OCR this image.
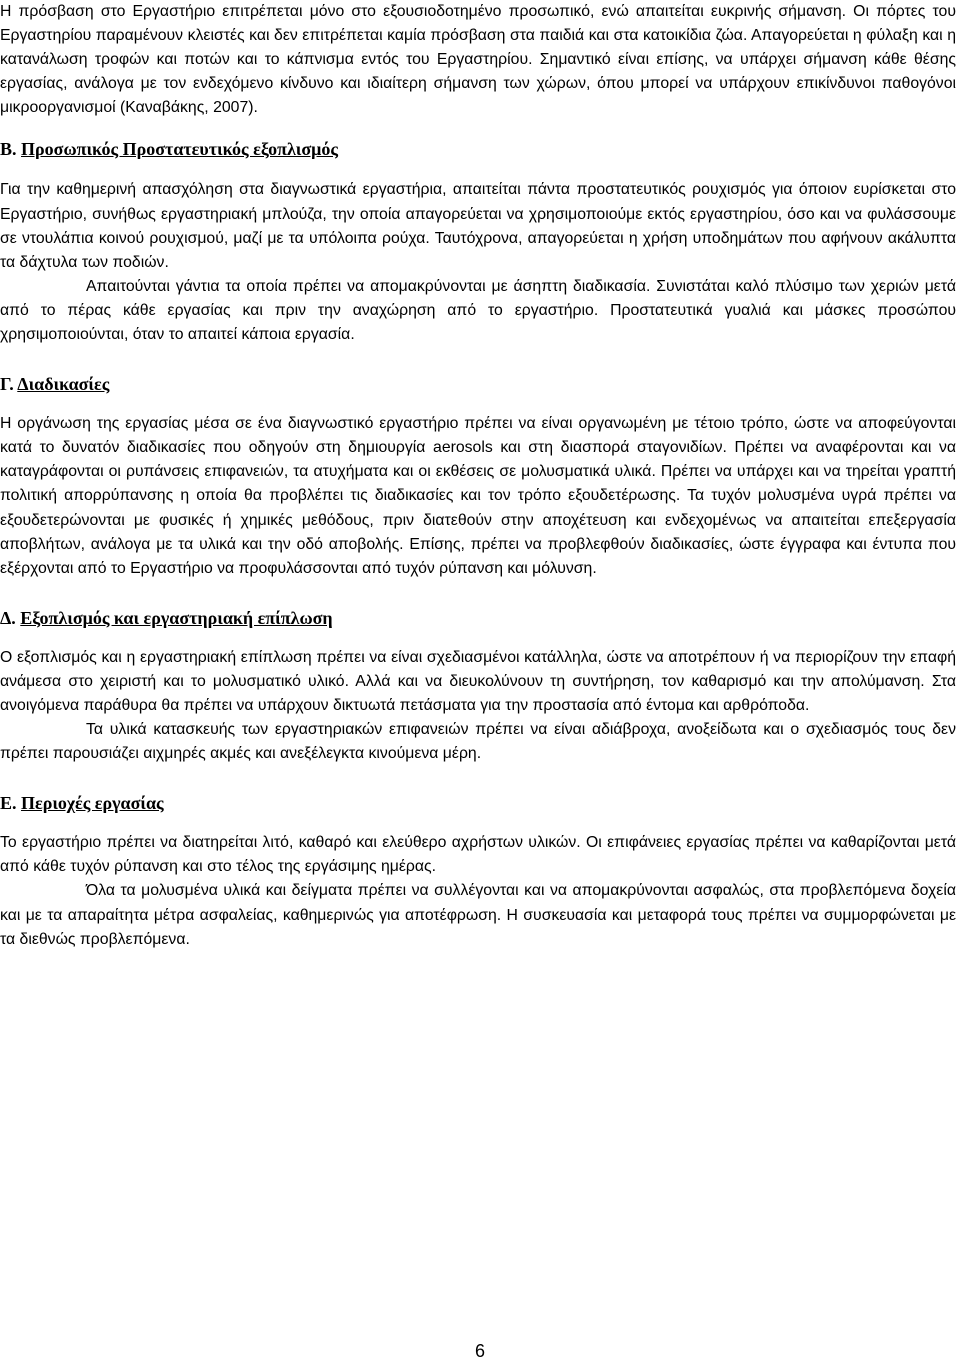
Η πρόσβαση στο Εργαστήριο επιτρέπεται μόνο στο εξουσιοδοτημένο προσωπικό, ενώ απαιτείται ευκρινής σήμανση. Οι πόρτες του Εργαστηρίου παραμένουν κλειστές και δεν επιτρέπεται καμία πρόσβαση στα παιδιά και στα κατοικίδια ζώα. Απαγορεύεται η φύλαξη και η κατανάλωση τροφών και ποτών και το κάπνισμα εντός του Εργαστηρίου. Σημαντικό είναι επίσης, να υπάρχει σήμανση κάθε θέσης εργασίας, ανάλογα με τον ενδεχόμενο κίνδυνο και ιδιαίτερη σήμανση των χώρων, όπου μπορεί να υπάρχουν επικίνδυνοι παθογόνοι μικροοργανισμοί (Καναβάκης, 2007).

Β. Προσωπικός Προστατευτικός εξοπλισμός

Για την καθημερινή απασχόληση στα διαγνωστικά εργαστήρια, απαιτείται πάντα προστατευτικός ρουχισμός για όποιον ευρίσκεται στο Εργαστήριο, συνήθως εργαστηριακή μπλούζα, την οποία απαγορεύεται να χρησιμοποιούμε εκτός εργαστηρίου, όσο και να φυλάσσουμε σε ντουλάπια κοινού ρουχισμού, μαζί με τα υπόλοιπα ρούχα. Ταυτόχρονα, απαγορεύεται η χρήση υποδημάτων που αφήνουν ακάλυπτα τα δάχτυλα των ποδιών.

Απαιτούνται γάντια τα οποία πρέπει να απομακρύνονται με άσηπτη διαδικασία. Συνιστάται καλό πλύσιμο των χεριών μετά από το πέρας κάθε εργασίας και πριν την αναχώρηση από το εργαστήριο. Προστατευτικά γυαλιά και μάσκες προσώπου χρησιμοποιούνται, όταν το απαιτεί κάποια εργασία.

Γ. Διαδικασίες

Η οργάνωση της εργασίας μέσα σε ένα διαγνωστικό εργαστήριο πρέπει να είναι οργανωμένη με τέτοιο τρόπο, ώστε να αποφεύγονται κατά το δυνατόν διαδικασίες που οδηγούν στη δημιουργία aerosols και στη διασπορά σταγονιδίων. Πρέπει να αναφέρονται και να καταγράφονται οι ρυπάνσεις επιφανειών, τα ατυχήματα και οι εκθέσεις σε μολυσματικά υλικά. Πρέπει να υπάρχει και να τηρείται γραπτή πολιτική απορρύπανσης η οποία θα προβλέπει τις διαδικασίες και τον τρόπο εξουδετέρωσης. Τα τυχόν μολυσμένα υγρά πρέπει να εξουδετερώνονται με φυσικές ή χημικές μεθόδους, πριν διατεθούν στην αποχέτευση και ενδεχομένως να απαιτείται επεξεργασία αποβλήτων, ανάλογα με τα υλικά και την οδό αποβολής. Επίσης, πρέπει να προβλεφθούν διαδικασίες, ώστε έγγραφα και έντυπα που εξέρχονται από το Εργαστήριο να προφυλάσσονται από τυχόν ρύπανση και μόλυνση.

Δ. Εξοπλισμός και εργαστηριακή επίπλωση

Ο εξοπλισμός και η εργαστηριακή επίπλωση πρέπει να είναι σχεδιασμένοι κατάλληλα, ώστε να αποτρέπουν ή να περιορίζουν την επαφή ανάμεσα στο χειριστή και το μολυσματικό υλικό. Αλλά και να διευκολύνουν τη συντήρηση, τον καθαρισμό και την απολύμανση. Στα ανοιγόμενα παράθυρα θα πρέπει να υπάρχουν δικτυωτά πετάσματα για την προστασία από έντομα και αρθρόποδα.

Τα υλικά κατασκευής των εργαστηριακών επιφανειών πρέπει να είναι αδιάβροχα, ανοξείδωτα και ο σχεδιασμός τους δεν πρέπει παρουσιάζει αιχμηρές ακμές και ανεξέλεγκτα κινούμενα μέρη.

Ε. Περιοχές εργασίας

Το εργαστήριο πρέπει να διατηρείται λιτό, καθαρό και ελεύθερο αχρήστων υλικών. Οι επιφάνειες εργασίας πρέπει να καθαρίζονται μετά από κάθε τυχόν ρύπανση και στο τέλος της εργάσιμης ημέρας.

Όλα τα μολυσμένα υλικά και δείγματα πρέπει να συλλέγονται και να απομακρύνονται ασφαλώς, στα προβλεπόμενα δοχεία και με τα απαραίτητα μέτρα ασφαλείας, καθημερινώς για αποτέφρωση. Η συσκευασία και μεταφορά τους πρέπει να συμμορφώνεται με τα διεθνώς προβλεπόμενα.

6
